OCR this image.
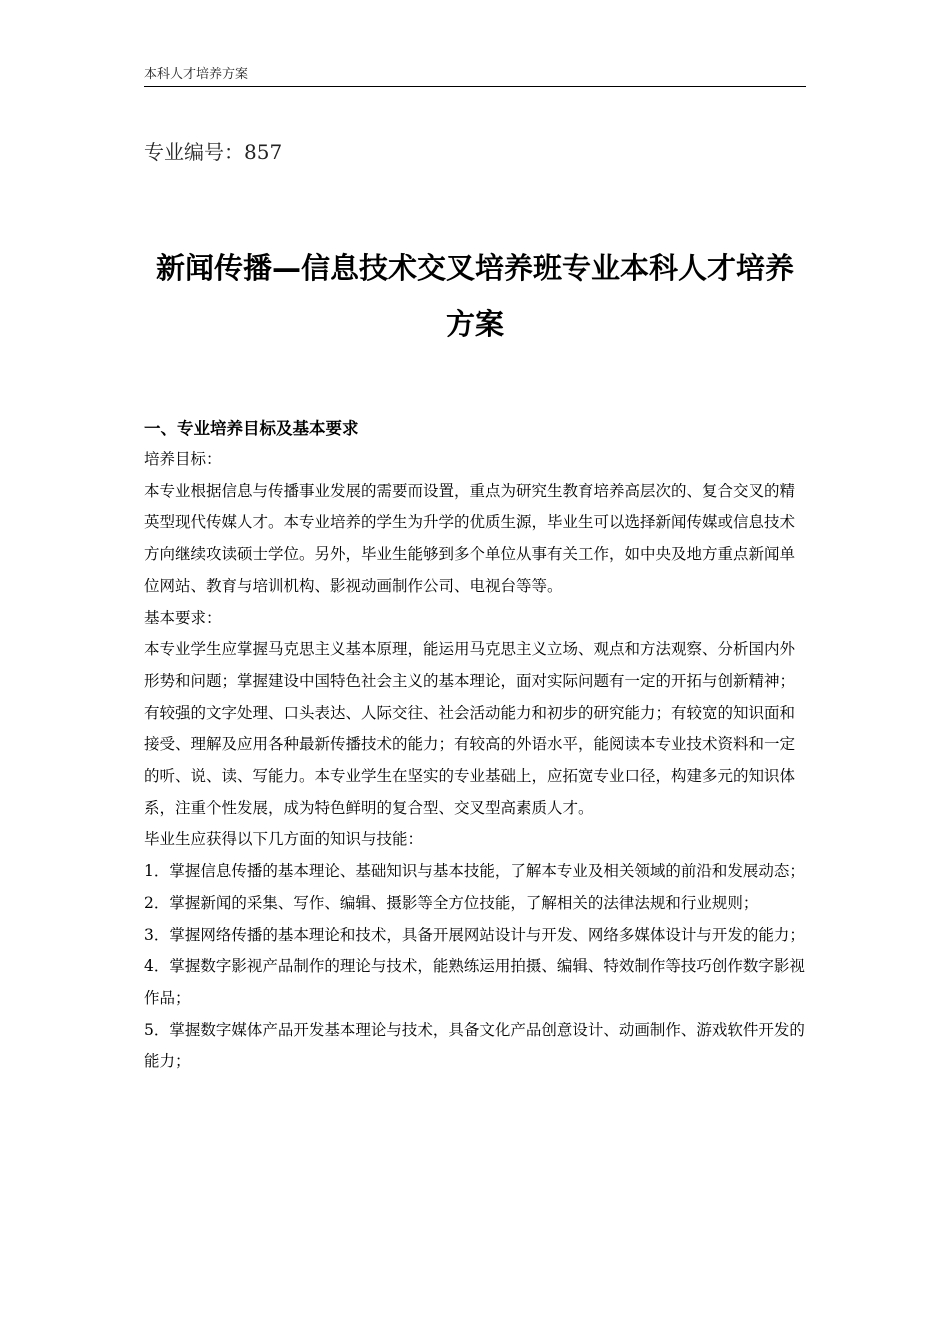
本科人才培养方案
专业编号：857
新闻传播—信息技术交叉培养班专业本科人才培养方案
一、专业培养目标及基本要求

培养目标：

本专业根据信息与传播事业发展的需要而设置，重点为研究生教育培养高层次的、复合交叉的精英型现代传媒人才。本专业培养的学生为升学的优质生源，毕业生可以选择新闻传媒或信息技术方向继续攻读硕士学位。另外，毕业生能够到多个单位从事有关工作，如中央及地方重点新闻单位网站、教育与培训机构、影视动画制作公司、电视台等等。

基本要求：

本专业学生应掌握马克思主义基本原理，能运用马克思主义立场、观点和方法观察、分析国内外形势和问题；掌握建设中国特色社会主义的基本理论，面对实际问题有一定的开拓与创新精神；有较强的文字处理、口头表达、人际交往、社会活动能力和初步的研究能力；有较宽的知识面和接受、理解及应用各种最新传播技术的能力；有较高的外语水平，能阅读本专业技术资料和一定的听、说、读、写能力。本专业学生在坚实的专业基础上，应拓宽专业口径，构建多元的知识体系，注重个性发展，成为特色鲜明的复合型、交叉型高素质人才。

毕业生应获得以下几方面的知识与技能：

1．掌握信息传播的基本理论、基础知识与基本技能，了解本专业及相关领域的前沿和发展动态；

2．掌握新闻的采集、写作、编辑、摄影等全方位技能，了解相关的法律法规和行业规则；

3．掌握网络传播的基本理论和技术，具备开展网站设计与开发、网络多媒体设计与开发的能力；

4．掌握数字影视产品制作的理论与技术，能熟练运用拍摄、编辑、特效制作等技巧创作数字影视作品；

5．掌握数字媒体产品开发基本理论与技术，具备文化产品创意设计、动画制作、游戏软件开发的能力；
